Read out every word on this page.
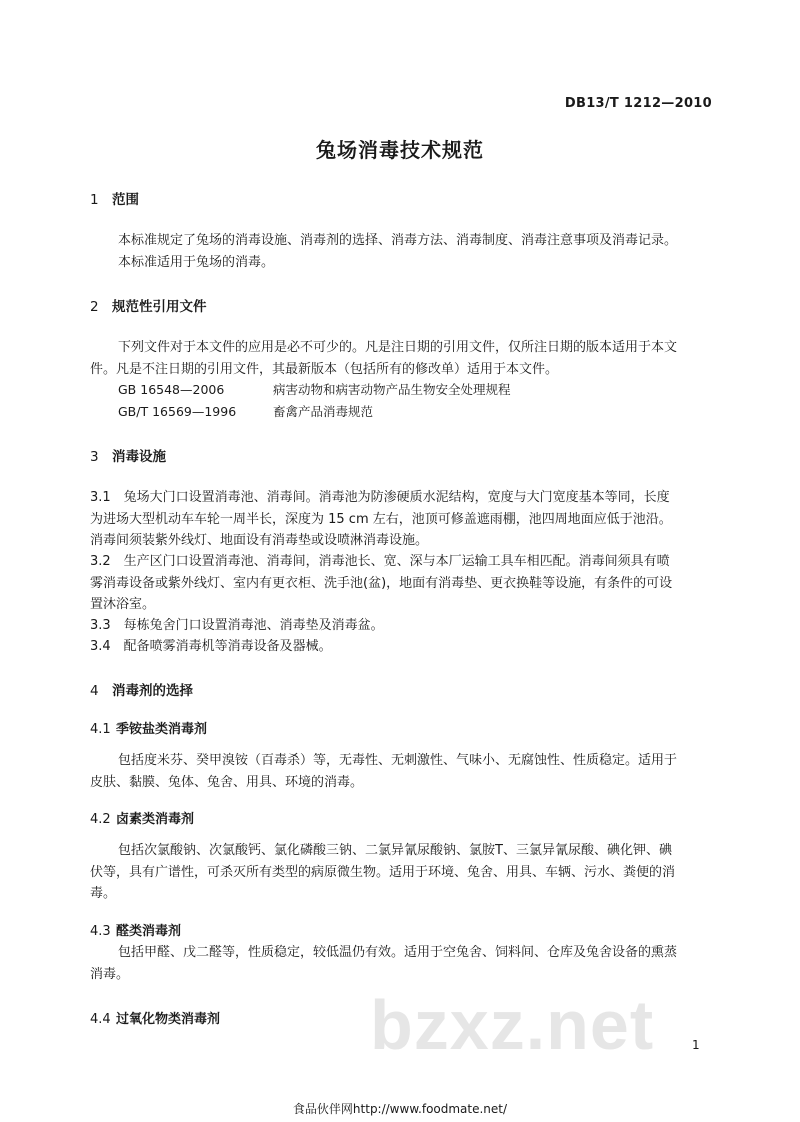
DB13/T 1212—2010
兔场消毒技术规范
1 范围
本标准规定了兔场的消毒设施、消毒剂的选择、消毒方法、消毒制度、消毒注意事项及消毒记录。
本标准适用于兔场的消毒。
2 规范性引用文件
下列文件对于本文件的应用是必不可少的。凡是注日期的引用文件，仅所注日期的版本适用于本文
件。凡是不注日期的引用文件，其最新版本（包括所有的修改单）适用于本文件。
GB 16548—2006	病害动物和病害动物产品生物安全处理规程
GB/T 16569—1996	畜禽产品消毒规范
3 消毒设施
3.1　兔场大门口设置消毒池、消毒间。消毒池为防渗硬质水泥结构，宽度与大门宽度基本等同，长度
为进场大型机动车车轮一周半长，深度为 15 cm 左右，池顶可修盖遮雨棚，池四周地面应低于池沿。
消毒间须装紫外线灯、地面设有消毒垫或设喷淋消毒设施。
3.2　生产区门口设置消毒池、消毒间，消毒池长、宽、深与本厂运输工具车相匹配。消毒间须具有喷
雾消毒设备或紫外线灯、室内有更衣柜、洗手池(盆)，地面有消毒垫、更衣换鞋等设施，有条件的可设
置沐浴室。
3.3　每栋兔舍门口设置消毒池、消毒垫及消毒盆。
3.4　配备喷雾消毒机等消毒设备及器械。
4 消毒剂的选择
4.1 季铵盐类消毒剂
包括度米芬、癸甲溴铵（百毒杀）等，无毒性、无刺激性、气味小、无腐蚀性、性质稳定。适用于
皮肤、黏膜、兔体、兔舍、用具、环境的消毒。
4.2 卤素类消毒剂
包括次氯酸钠、次氯酸钙、氯化磷酸三钠、二氯异氰尿酸钠、氯胺T、三氯异氰尿酸、碘化钾、碘
伏等，具有广谱性，可杀灭所有类型的病原微生物。适用于环境、兔舍、用具、车辆、污水、粪便的消
毒。
4.3 醛类消毒剂
包括甲醛、戊二醛等，性质稳定，较低温仍有效。适用于空兔舍、饲料间、仓库及兔舍设备的熏蒸
消毒。
bzxz.net
4.4 过氧化物类消毒剂
1
食品伙伴网http://www.foodmate.net/
